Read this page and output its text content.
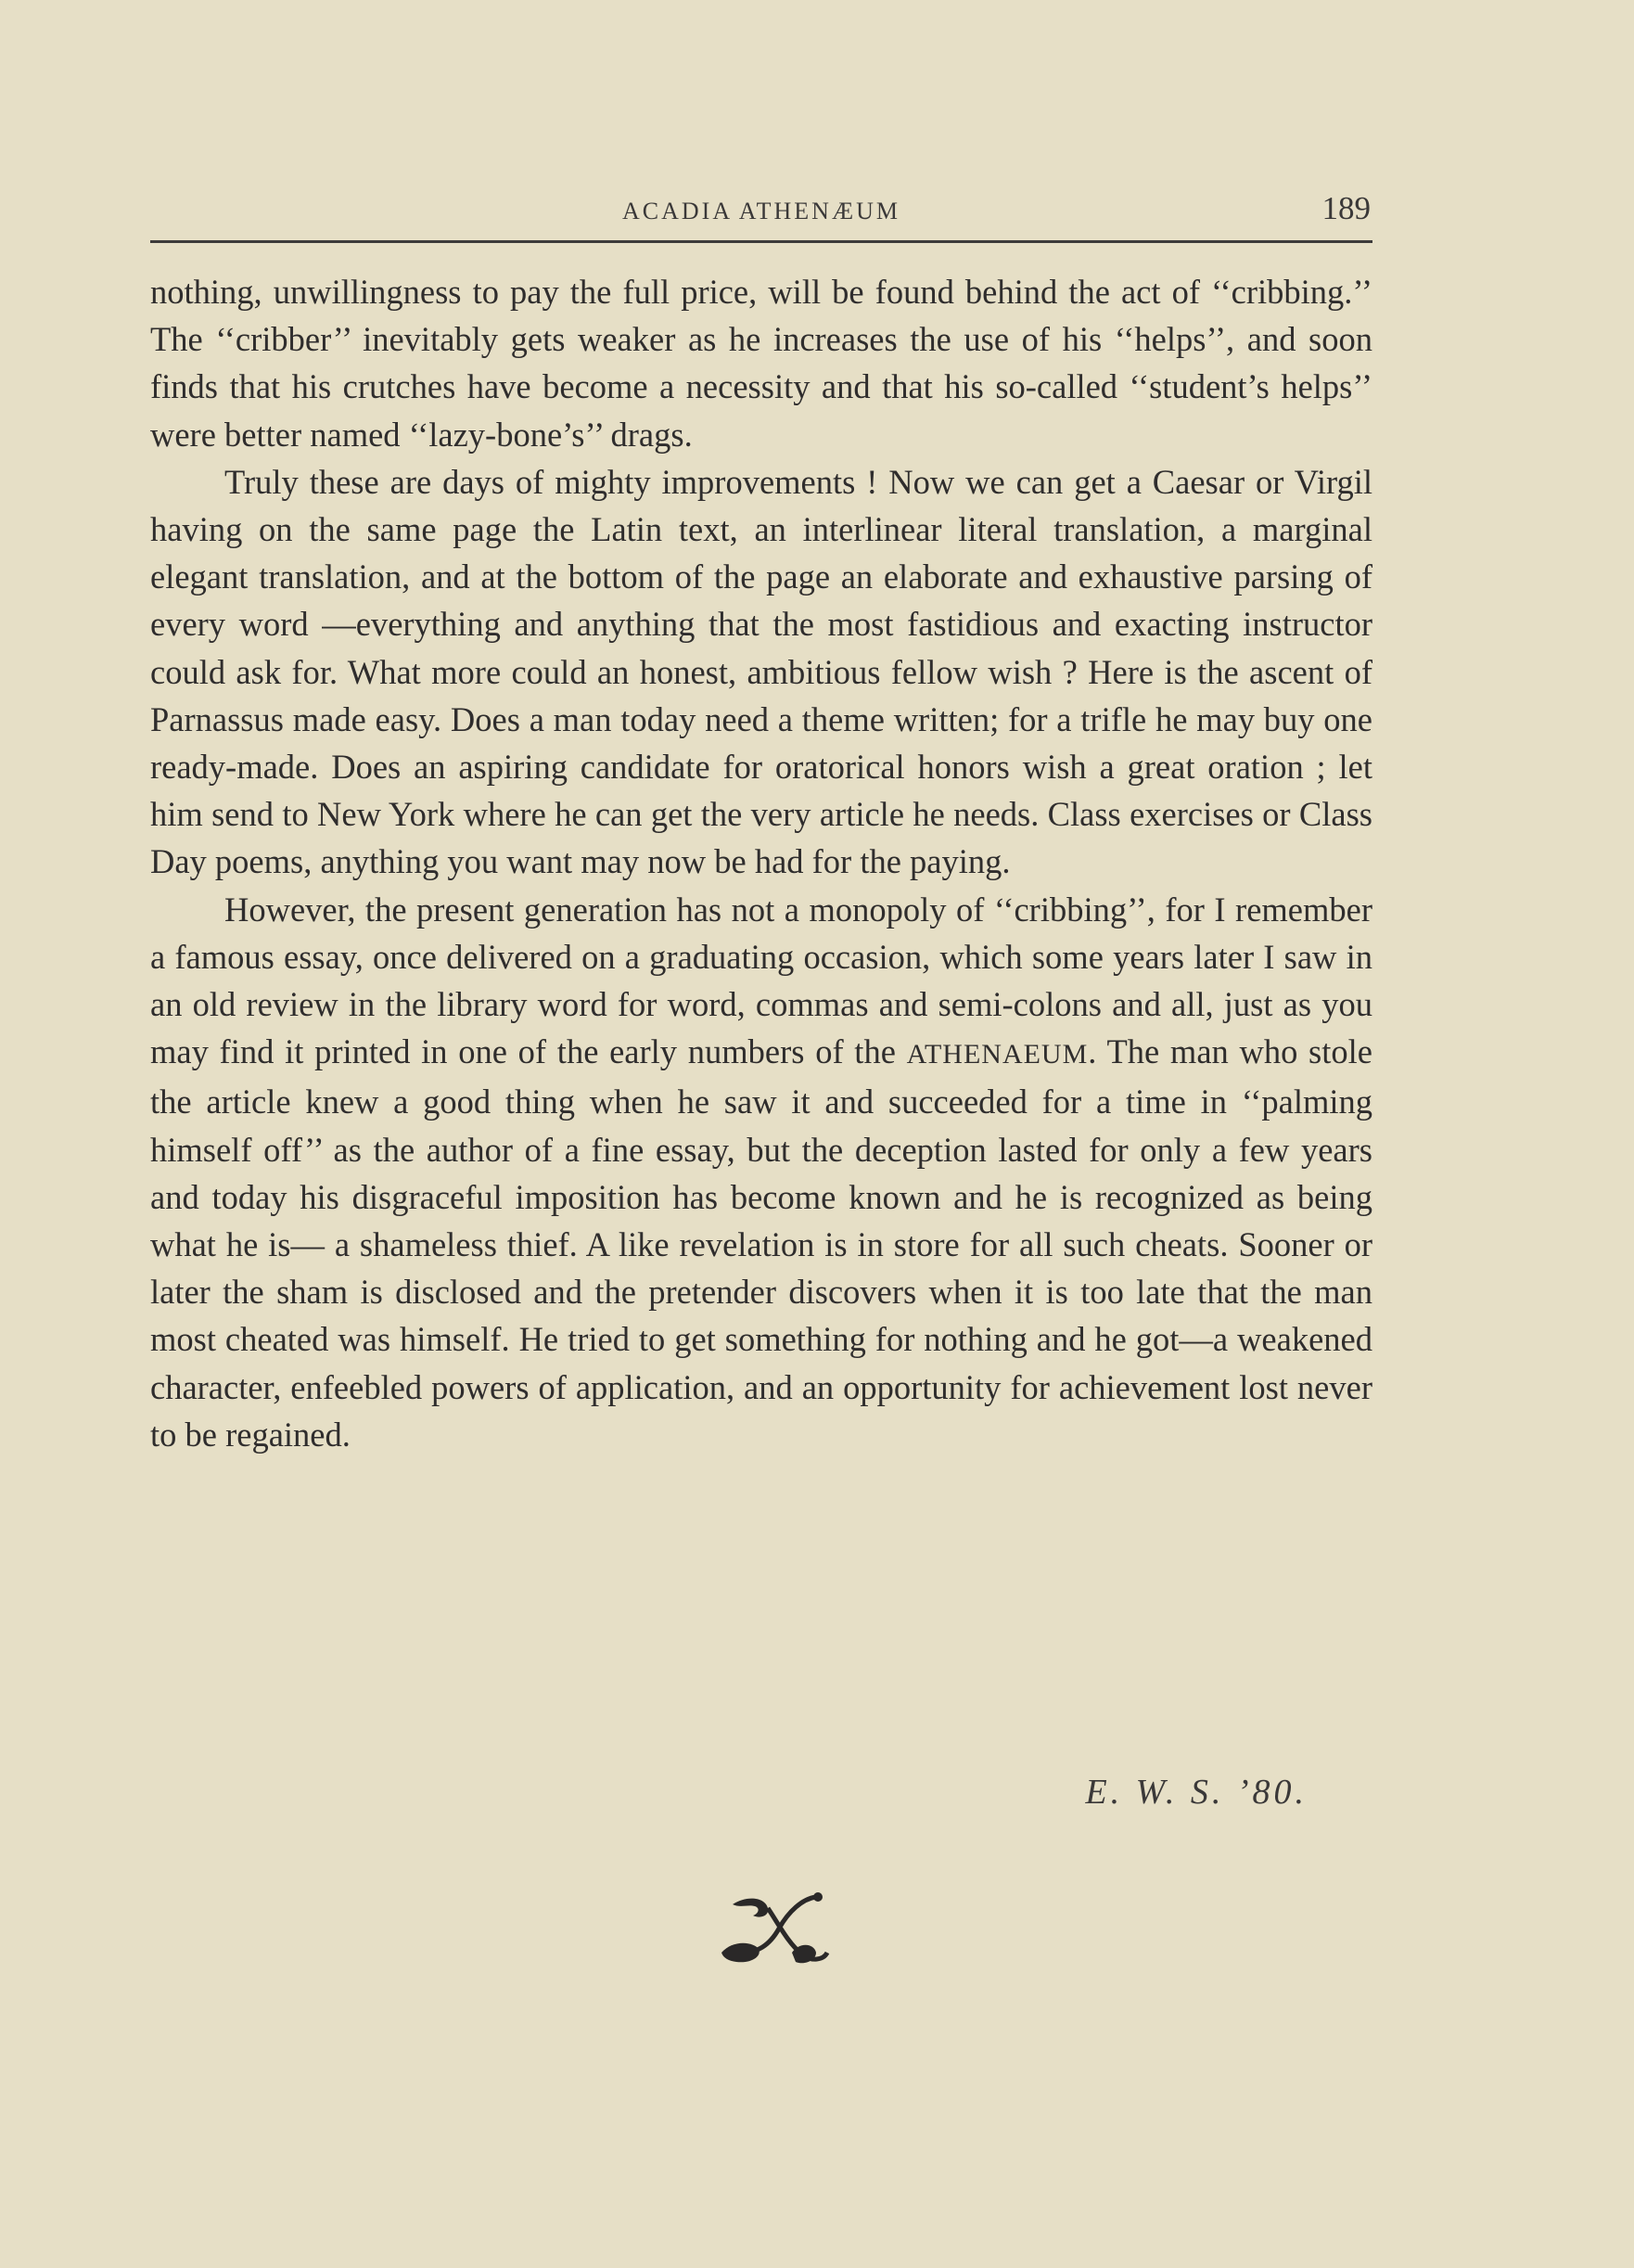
ACADIA ATHENÆUM	189

nothing, unwillingness to pay the full price, will be found behind the act of ‘‘cribbing.’’ The ‘‘cribber’’ inevitably gets weaker as he increases the use of his ‘‘helps’’, and soon finds that his crutches have become a necessity and that his so-called ‘‘student’s helps’’ were better named ‘‘lazy-bone’s’’ drags.

Truly these are days of mighty improvements ! Now we can get a Caesar or Virgil having on the same page the Latin text, an interlinear literal translation, a marginal elegant translation, and at the bottom of the page an elaborate and exhaustive parsing of every word —everything and anything that the most fastidious and exacting instructor could ask for. What more could an honest, ambitious fellow wish ? Here is the ascent of Parnassus made easy. Does a man today need a theme written; for a trifle he may buy one ready-made. Does an aspiring candidate for oratorical honors wish a great oration ; let him send to New York where he can get the very article he needs. Class exercises or Class Day poems, anything you want may now be had for the paying.

However, the present generation has not a monopoly of ‘‘cribbing’’, for I remember a famous essay, once delivered on a graduating occasion, which some years later I saw in an old review in the library word for word, commas and semi-colons and all, just as you may find it printed in one of the early numbers of the ATHENAEUM. The man who stole the article knew a good thing when he saw it and succeeded for a time in ‘‘palming himself off’’ as the author of a fine essay, but the deception lasted for only a few years and today his disgraceful imposition has become known and he is recognized as being what he is— a shameless thief. A like revelation is in store for all such cheats. Sooner or later the sham is disclosed and the pretender discovers when it is too late that the man most cheated was himself. He tried to get something for nothing and he got—a weakened character, enfeebled powers of application, and an opportunity for achievement lost never to be regained.

E. W. S. ’80.
